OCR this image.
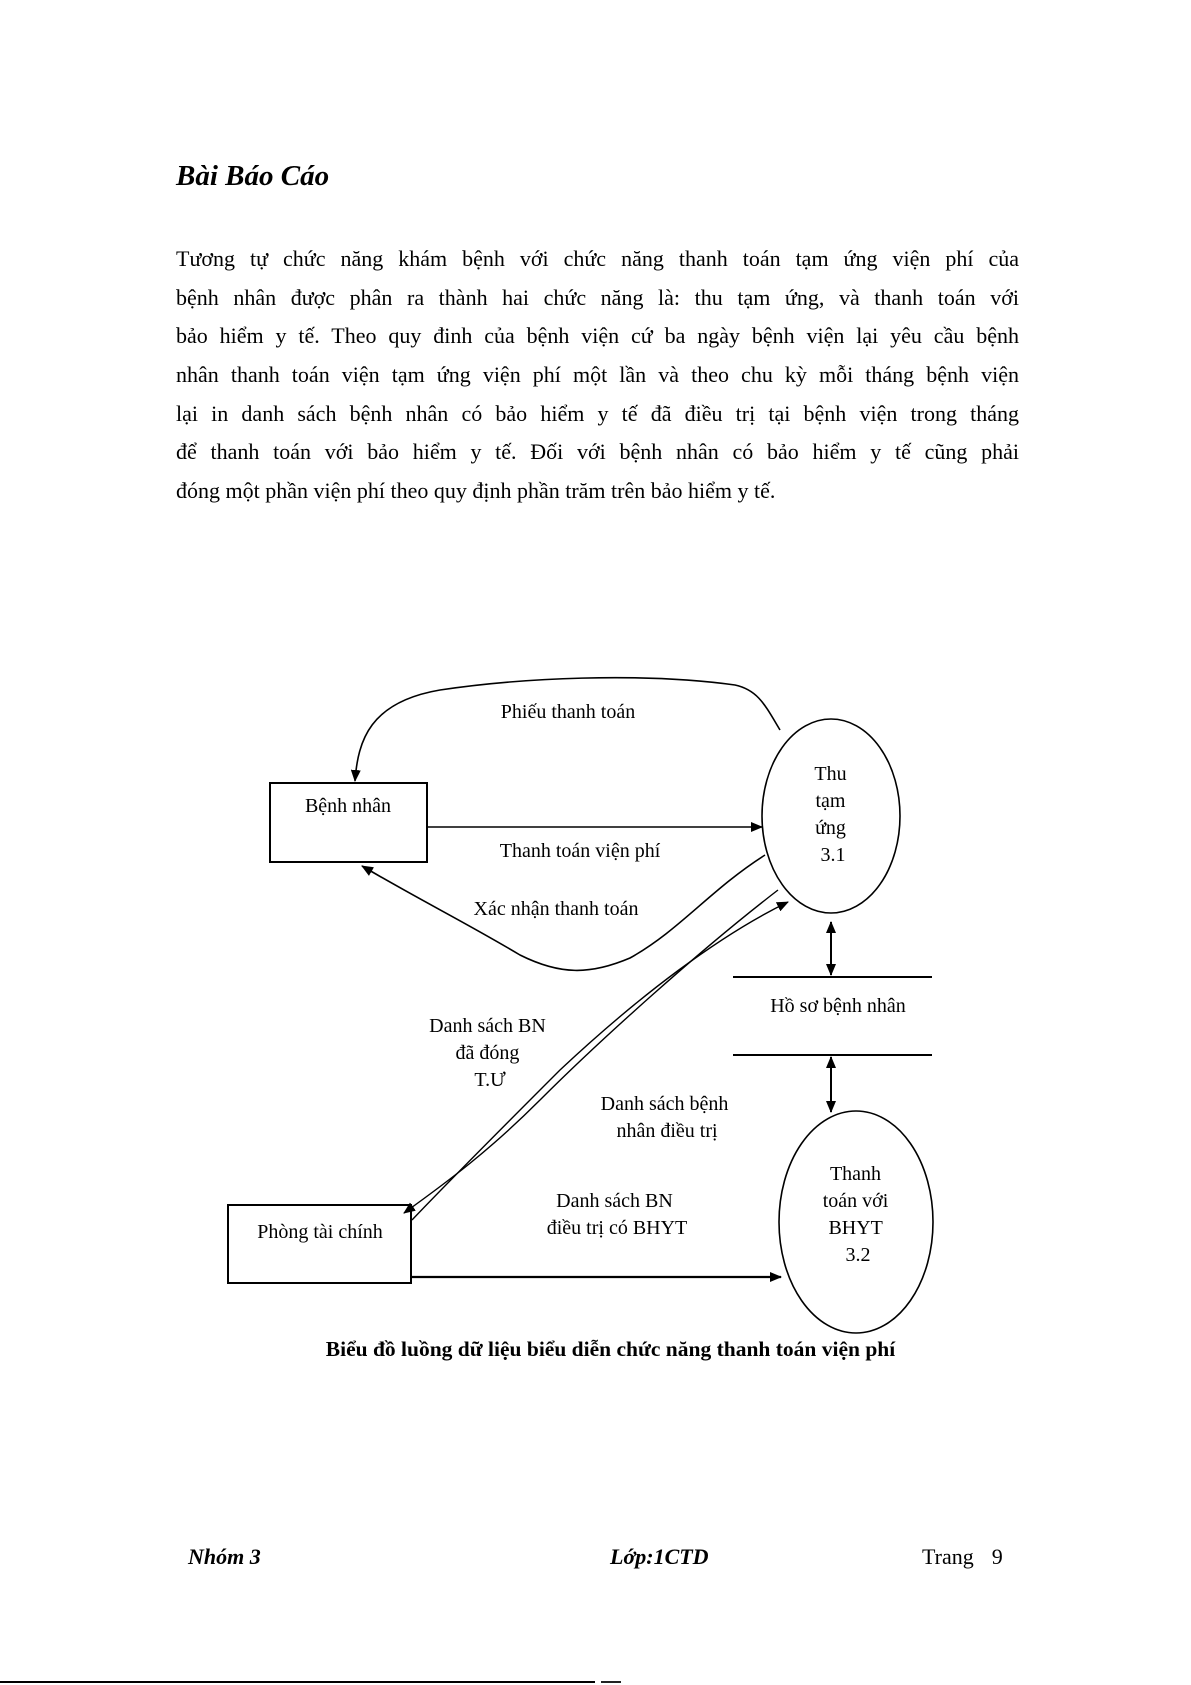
Bài Báo Cáo
Tương tự chức năng khám bệnh với chức năng thanh toán tạm ứng viện phí của
bệnh nhân được phân ra thành hai chức năng là: thu tạm ứng, và thanh toán với
bảo hiểm y tế. Theo quy đinh của bệnh viện cứ ba ngày bệnh viện lại yêu cầu bệnh
nhân thanh toán viện tạm ứng viện phí một lần và theo chu kỳ mỗi tháng bệnh viện
lại in danh sách bệnh nhân có bảo hiểm y tế đã điều trị tại bệnh viện trong tháng
để thanh toán với bảo hiểm y tế. Đối với bệnh nhân có bảo hiểm y tế cũng phải
đóng một phần viện phí theo quy định phần trăm trên bảo hiểm y tế.
Bệnh nhân
Phòng tài chính
Thu tạm ứng 3.1
Thanh toán với BHYT 3.2
Hồ sơ bệnh nhân
Phiếu thanh toán
Thanh toán viện phí
Xác nhận thanh toán
Danh sách BN đã đóng T.Ư
Danh sách bệnh nhân điều trị
Danh sách BN điều trị có BHYT
Biểu đồ luồng dữ liệu biểu diễn chức năng thanh toán viện phí
Nhóm 3	Lớp:1CTD	Trang 9
